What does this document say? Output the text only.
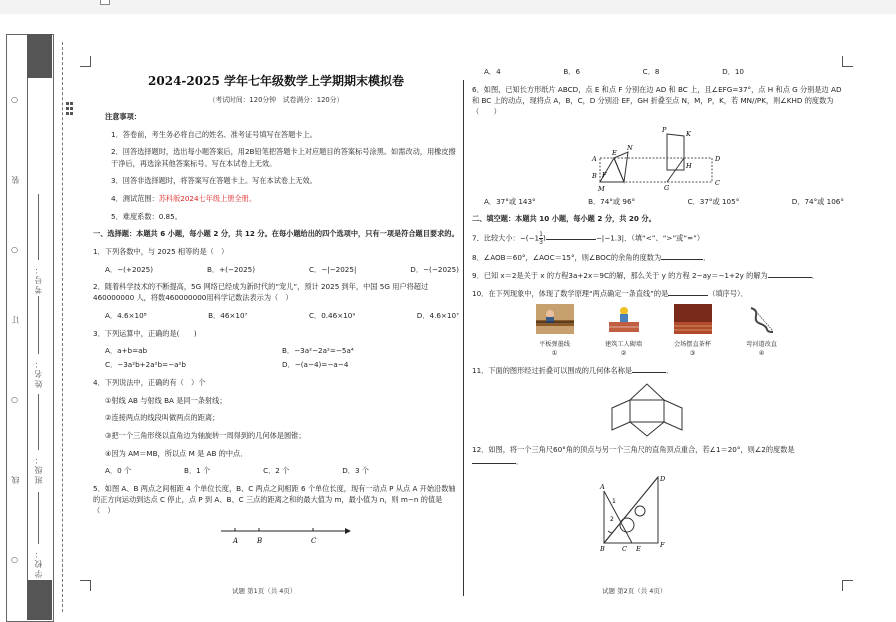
○
装
○
订
○
线
○ 学校：
班级：
姓名：
考号：
2024-2025 学年七年级数学上学期期末模拟卷
（考试时间：120分钟　试卷满分：120分）
注意事项：
1．答卷前，考生务必将自己的姓名、准考证号填写在答题卡上。
2．回答选择题时，选出每小题答案后，用2B铅笔把答题卡上对应题目的答案标号涂黑。如需改动，用橡皮擦干净后，再选涂其他答案标号。写在本试卷上无效。
3．回答非选择题时，将答案写在答题卡上。写在本试卷上无效。
4．测试范围：苏科版2024七年级上册全册。
5．难度系数：0.85。
一、选择题：本题共 6 小题，每小题 2 分，共 12 分。在每小题给出的四个选项中，只有一项是符合题目要求的。
1．下列各数中，与 2025 相等的是（　）
A．−(+2025)	B．+(−2025)	C．−|−2025|	D．−(−2025)
2．随着科学技术的不断提高，5G 网络已经成为新时代的“宠儿”，预计 2025 到年，中国 5G 用户将超过 460000000 人，将数460000000用科学记数法表示为（　）
A．4.6×10⁸	B．46×10⁷	C．0.46×10⁹	D．4.6×10⁷
3．下列运算中，正确的是(　　)
A．a+b=ab	B．−3a²−2a²=−5a⁴
C．−3a²b+2a²b=−a²b	D．−(a−4)=−a−4
4．下列说法中，正确的有（　）个
①射线 AB 与射线 BA 是同一条射线；
②连接两点的线段叫做两点的距离；
③把一个三角形绕以直角边为轴旋转一周得到的几何体是圆锥；
④因为 AM＝MB，所以点 M 是 AB 的中点．
A．0 个	B．1 个	C．2 个	D．3 个
5．如图 A、B 两点之间相距 4 个单位长度，B、C 两点之间相距 6 个单位长度，现有一动点 P 从点 A 开始沿数轴的正方向运动到达点 C 停止，点 P 到 A、B、C 三点的距离之和的最大值为 m，最小值为 n，则 m−n 的值是（　）
A	B	C
试题 第1页（共 4页）
A．4	B．6	C．8	D．10
6．如图，已知长方形纸片 ABCD，点 E 和点 F 分别在边 AD 和 BC 上，且∠EFG=37°，点 H 和点 G 分别是边 AD 和 BC 上的动点，现将点 A，B，C，D 分别沿 EF，GH 折叠至点 N，M，P，K，若 MN//PK，则∠KHD 的度数为（　　）
A
E
D
H
B F
G
C
M
N
P	K
A．37°或 143°	B．74°或 96°	C．37°或 105°	D．74°或 106°
二、填空题：本题共 10 小题，每小题 2 分，共 20 分。
7．比较大小：$-(-1 \frac{1}{3}$ )	−|−1.3|．（填“<”、“>”或“=”）
8．∠AOB＝60°，∠AOC＝15°，则∠BOC的余角的度数为	．
9．已知 x＝2是关于 x 的方程3a+2x＝9C的解，那么关于 y 的方程 2−ay＝−1+2y 的解为	．
10．在下列现象中，体现了数学原理“两点确定一条直线”的是	（填序号）．
平板弹墨线
①
建筑工人砌墙
②
会场摆直茶杯
③
弯河道改直
④
11．下面的图形经过折叠可以围成的几何体名称是	．
12．如图，将一个三角尺60°角的顶点与另一个三角尺的直角顶点重合，若∠1＝20°，则∠2的度数是
．
D
A
1
2
B	C E	F
试题 第2页（共 4页）
